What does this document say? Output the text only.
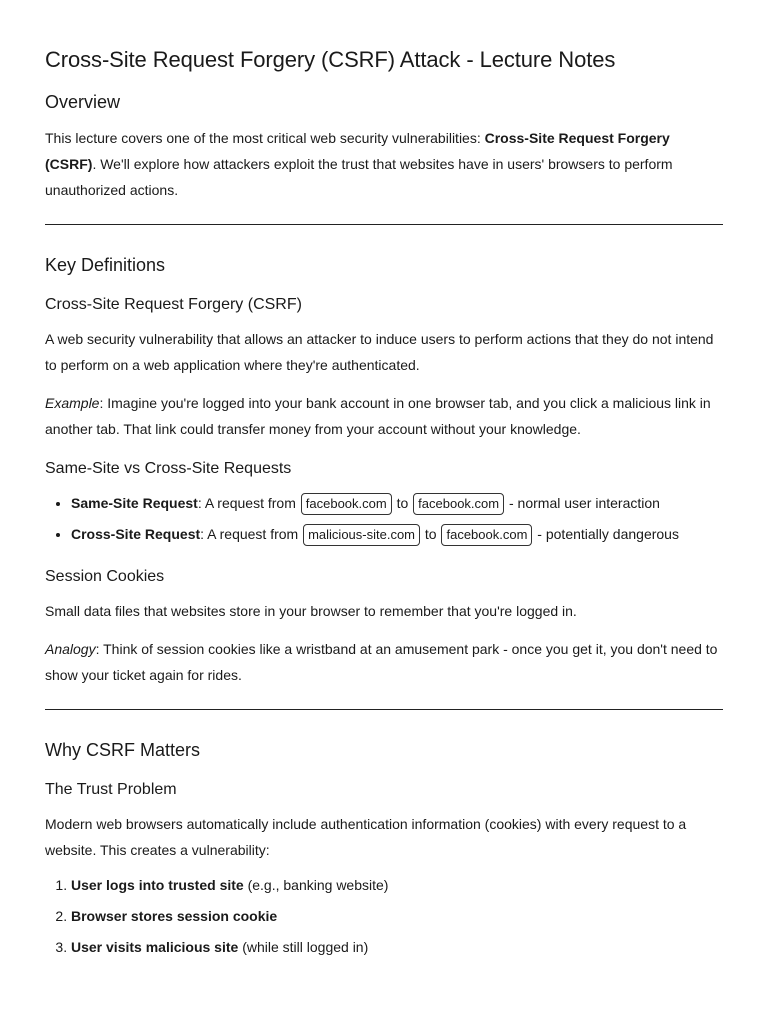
Cross-Site Request Forgery (CSRF) Attack - Lecture Notes
Overview

This lecture covers one of the most critical web security vulnerabilities: Cross-Site Request Forgery (CSRF). We'll explore how attackers exploit the trust that websites have in users' browsers to perform unauthorized actions.

Key Definitions
Cross-Site Request Forgery (CSRF)

A web security vulnerability that allows an attacker to induce users to perform actions that they do not intend to perform on a web application where they're authenticated.

Example: Imagine you're logged into your bank account in one browser tab, and you click a malicious link in another tab. That link could transfer money from your account without your knowledge.

Same-Site vs Cross-Site Requests
• Same-Site Request: A request from facebook.com to facebook.com - normal user interaction
• Cross-Site Request: A request from malicious-site.com to facebook.com - potentially dangerous
Session Cookies

Small data files that websites store in your browser to remember that you're logged in.

Analogy: Think of session cookies like a wristband at an amusement park - once you get it, you don't need to show your ticket again for rides.

Why CSRF Matters
The Trust Problem

Modern web browsers automatically include authentication information (cookies) with every request to a website. This creates a vulnerability:

1. User logs into trusted site (e.g., banking website)
2. Browser stores session cookie
3. User visits malicious site (while still logged in)
